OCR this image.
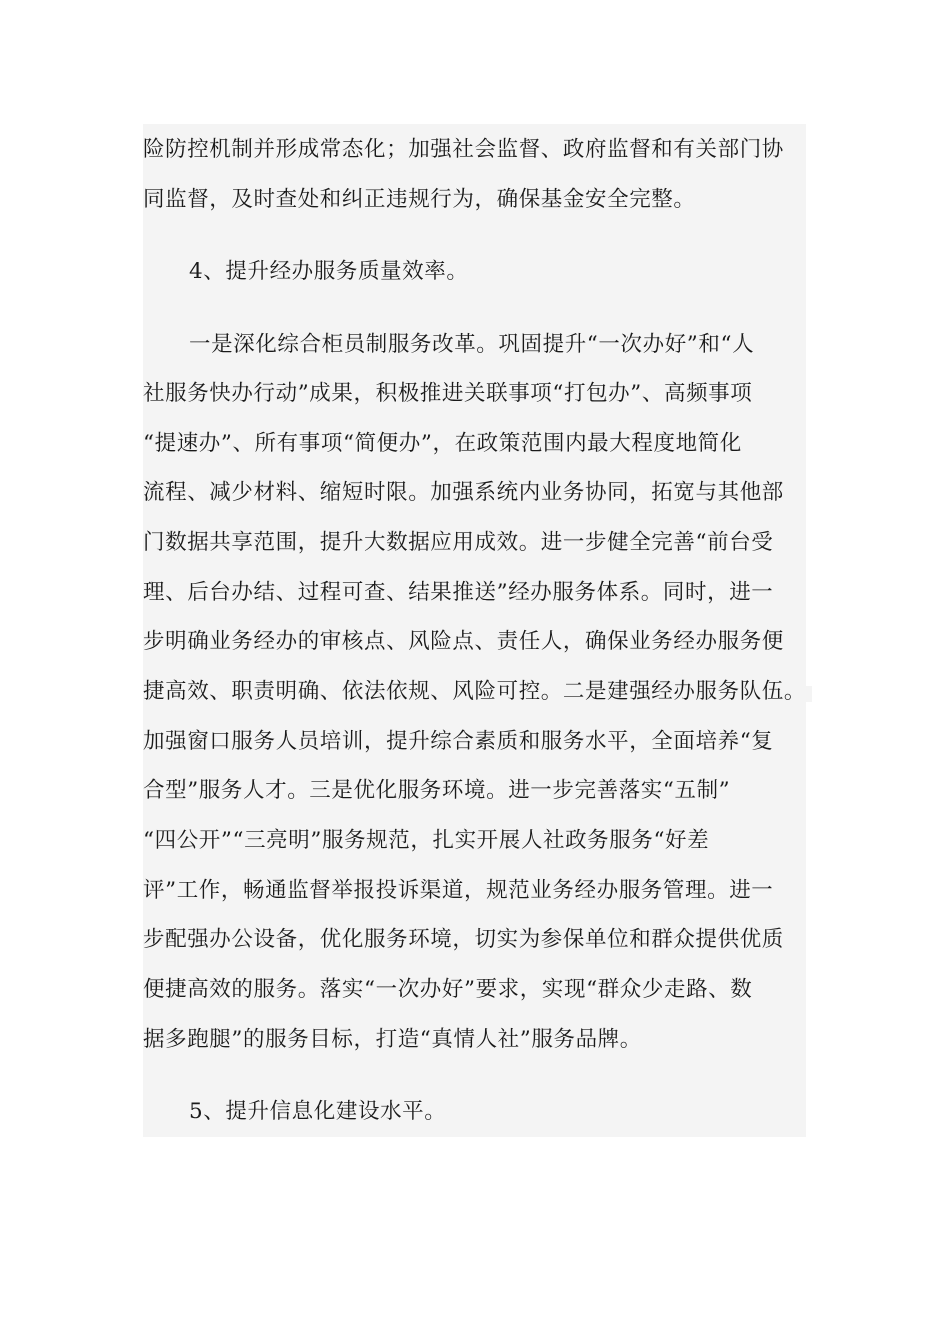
险防控机制并形成常态化；加强社会监督、政府监督和有关部门协
同监督，及时查处和纠正违规行为，确保基金安全完整。
4、提升经办服务质量效率。
一是深化综合柜员制服务改革。巩固提升“一次办好”和“人
社服务快办行动”成果，积极推进关联事项“打包办”、高频事项
“提速办”、所有事项“简便办”，在政策范围内最大程度地简化
流程、减少材料、缩短时限。加强系统内业务协同，拓宽与其他部
门数据共享范围，提升大数据应用成效。进一步健全完善“前台受
理、后台办结、过程可查、结果推送”经办服务体系。同时，进一
步明确业务经办的审核点、风险点、责任人，确保业务经办服务便
捷高效、职责明确、依法依规、风险可控。二是建强经办服务队伍。
加强窗口服务人员培训，提升综合素质和服务水平，全面培养“复
合型”服务人才。三是优化服务环境。进一步完善落实“五制”
“四公开”“三亮明”服务规范，扎实开展人社政务服务“好差
评”工作，畅通监督举报投诉渠道，规范业务经办服务管理。进一
步配强办公设备，优化服务环境，切实为参保单位和群众提供优质
便捷高效的服务。落实“一次办好”要求，实现“群众少走路、数
据多跑腿”的服务目标，打造“真情人社”服务品牌。
5、提升信息化建设水平。
